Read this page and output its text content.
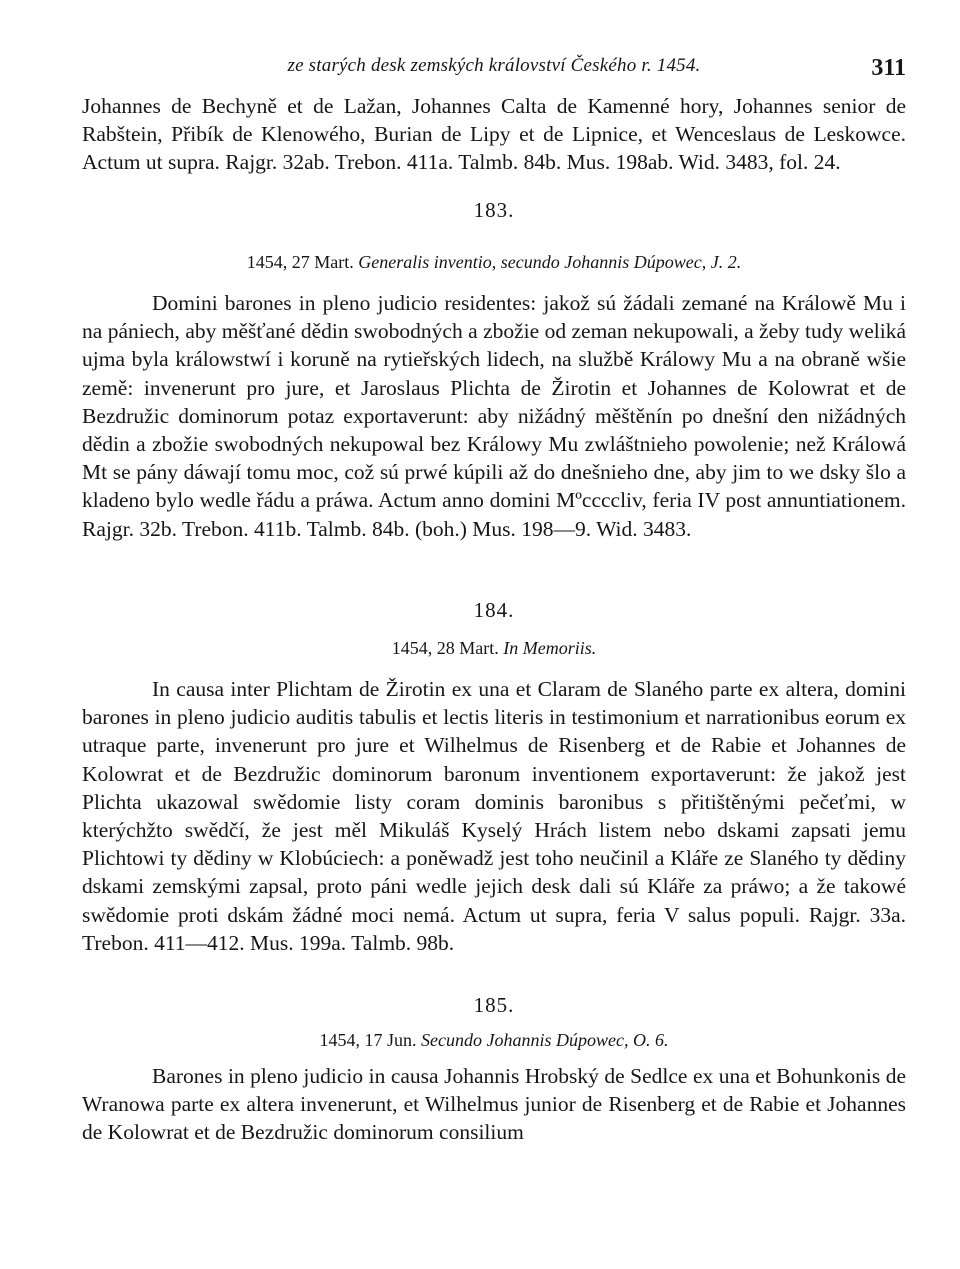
ze starých desk zemských království Českého r. 1454.	311

Johannes de Bechyně et de Lažan, Johannes Calta de Kamenné hory, Johannes senior de Rabštein, Přibík de Klenowého, Burian de Lipy et de Lipnice, et Wenceslaus de Leskowce. Actum ut supra. Rajgr. 32ab. Trebon. 411a. Talmb. 84b. Mus. 198ab. Wid. 3483, fol. 24.

183.
1454, 27 Mart. Generalis inventio, secundo Johannis Dúpowec, J. 2.

Domini barones in pleno judicio residentes: jakož sú žádali zemané na Králowě Mu i na pániech, aby měšťané dědin swobodných a zbožie od zeman nekupowali, a žeby tudy weliká ujma byla králowstwí i koruně na rytieřských lidech, na službě Králowy Mu a na obraně wšie země: invenerunt pro jure, et Jaroslaus Plichta de Žirotin et Johannes de Kolowrat et de Bezdružic dominorum potaz exportaverunt: aby nižádný měštěnín po dnešní den nižádných dědin a zbožie swobodných nekupowal bez Králowy Mu zwláštnieho powolenie; než Králowá Mt se pány dáwají tomu moc, což sú prwé kúpili až do dnešnieho dne, aby jim to we dsky šlo a kladeno bylo wedle řádu a práwa. Actum anno domini Mºccccliv, feria IV post annuntiationem. Rajgr. 32b. Trebon. 411b. Talmb. 84b. (boh.) Mus. 198—9. Wid. 3483.

184.
1454, 28 Mart. In Memoriis.

In causa inter Plichtam de Žirotin ex una et Claram de Slaného parte ex altera, domini barones in pleno judicio auditis tabulis et lectis literis in testimonium et narrationibus eorum ex utraque parte, invenerunt pro jure et Wilhelmus de Risenberg et de Rabie et Johannes de Kolowrat et de Bezdružic dominorum baronum inventionem exportaverunt: že jakož jest Plichta ukazowal swědomie listy coram dominis baronibus s přitištěnými pečeťmi, w kterýchžto swědčí, že jest měl Mikuláš Kyselý Hrách listem nebo dskami zapsati jemu Plichtowi ty dědiny w Klobúciech: a poněwadž jest toho neučinil a Kláře ze Slaného ty dědiny dskami zemskými zapsal, proto páni wedle jejich desk dali sú Kláře za práwo; a že takowé swědomie proti dskám žádné moci nemá. Actum ut supra, feria V salus populi. Rajgr. 33a. Trebon. 411—412. Mus. 199a. Talmb. 98b.

185.
1454, 17 Jun. Secundo Johannis Dúpowec, O. 6.

Barones in pleno judicio in causa Johannis Hrobský de Sedlce ex una et Bohunkonis de Wranowa parte ex altera invenerunt, et Wilhelmus junior de Risenberg et de Rabie et Johannes de Kolowrat et de Bezdružic dominorum consilium
